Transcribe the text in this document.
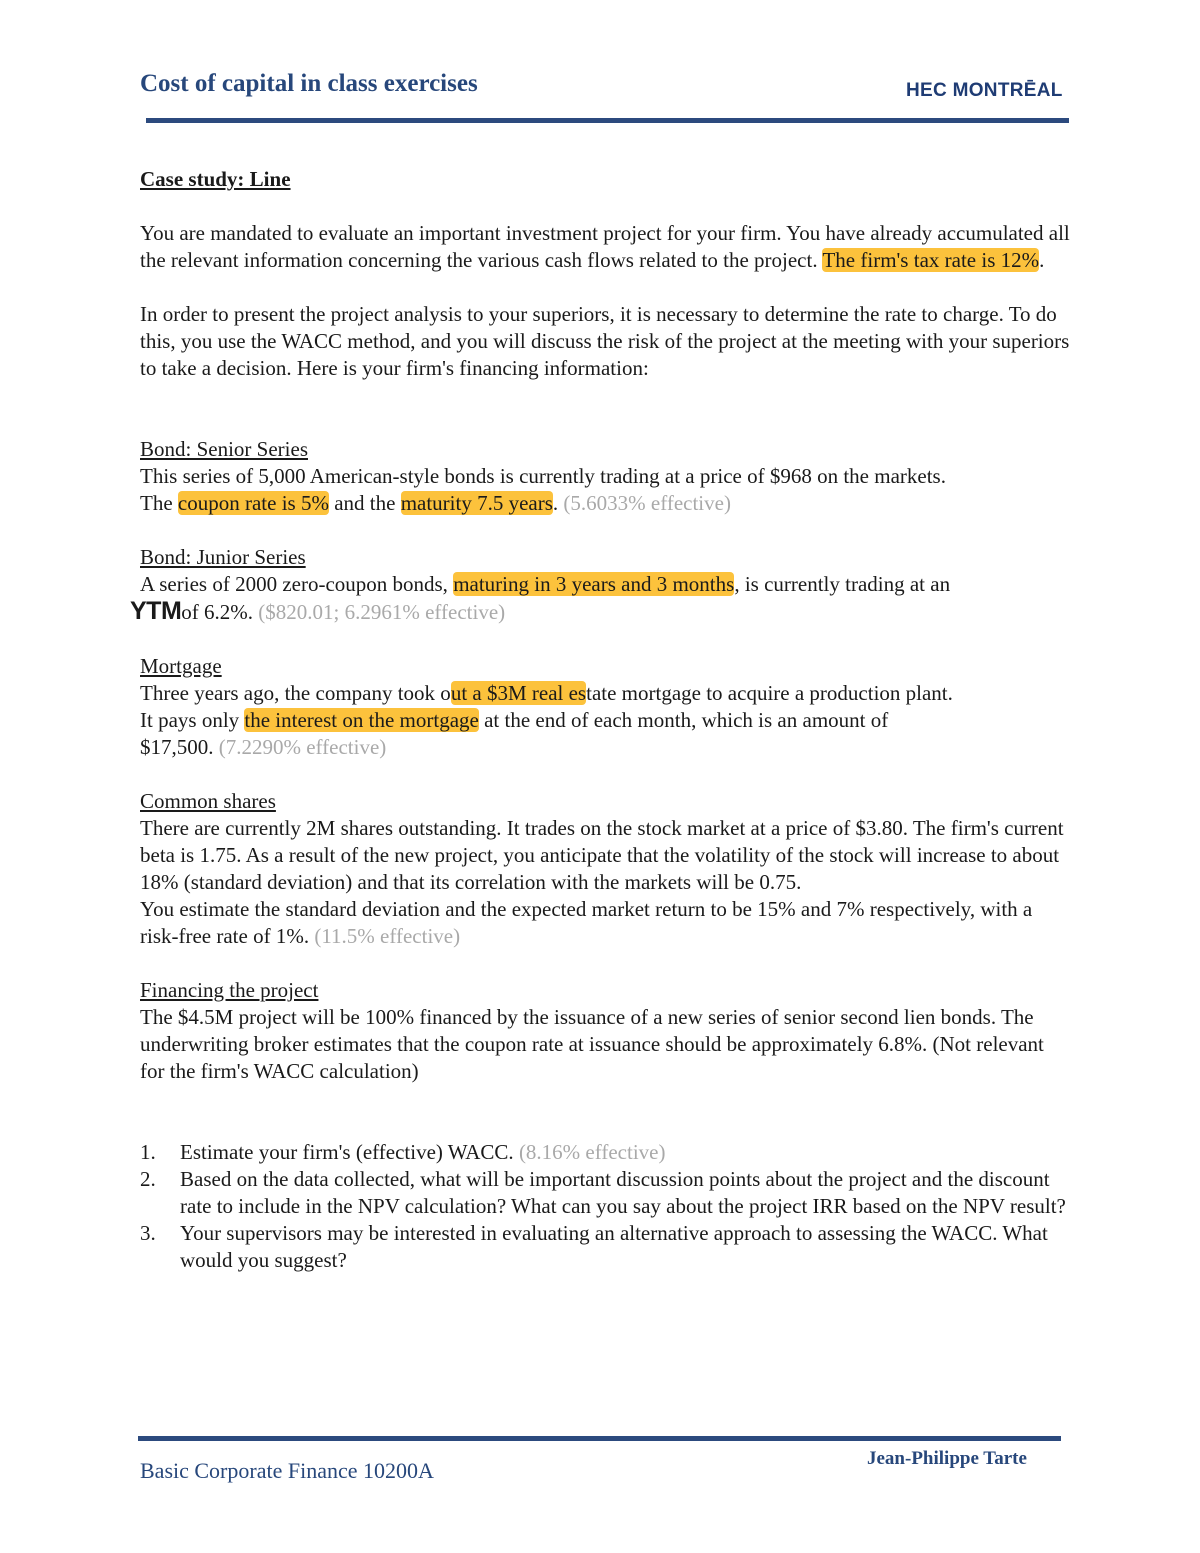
Cost of capital in class exercises	HEC MONTRĒAL

Case study: Line

You are mandated to evaluate an important investment project for your firm. You have already accumulated all the relevant information concerning the various cash flows related to the project. The firm's tax rate is 12%.

In order to present the project analysis to your superiors, it is necessary to determine the rate to charge. To do this, you use the WACC method, and you will discuss the risk of the project at the meeting with your superiors to take a decision. Here is your firm's financing information:

Bond: Senior Series

This series of 5,000 American-style bonds is currently trading at a price of $968 on the markets.

The coupon rate is 5% and the maturity 7.5 years. (5.6033% effective)

Bond: Junior Series

A series of 2000 zero-coupon bonds, maturing in 3 years and 3 months, is currently trading at an

YTMof 6.2%. ($820.01; 6.2961% effective)

Mortgage

Three years ago, the company took out a $3M real estate mortgage to acquire a production plant.

It pays only the interest on the mortgage at the end of each month, which is an amount of

$17,500. (7.2290% effective)

Common shares

There are currently 2M shares outstanding. It trades on the stock market at a price of $3.80. The firm's current beta is 1.75. As a result of the new project, you anticipate that the volatility of the stock will increase to about 18% (standard deviation) and that its correlation with the markets will be 0.75.

You estimate the standard deviation and the expected market return to be 15% and 7% respectively, with a risk-free rate of 1%. (11.5% effective)

Financing the project

The $4.5M project will be 100% financed by the issuance of a new series of senior second lien bonds. The underwriting broker estimates that the coupon rate at issuance should be approximately 6.8%. (Not relevant for the firm's WACC calculation)

1. Estimate your firm's (effective) WACC. (8.16% effective)
2. Based on the data collected, what will be important discussion points about the project and the discount rate to include in the NPV calculation? What can you say about the project IRR based on the NPV result?
3. Your supervisors may be interested in evaluating an alternative approach to assessing the WACC. What would you suggest?
Basic Corporate Finance 10200A	Jean-Philippe Tarte
